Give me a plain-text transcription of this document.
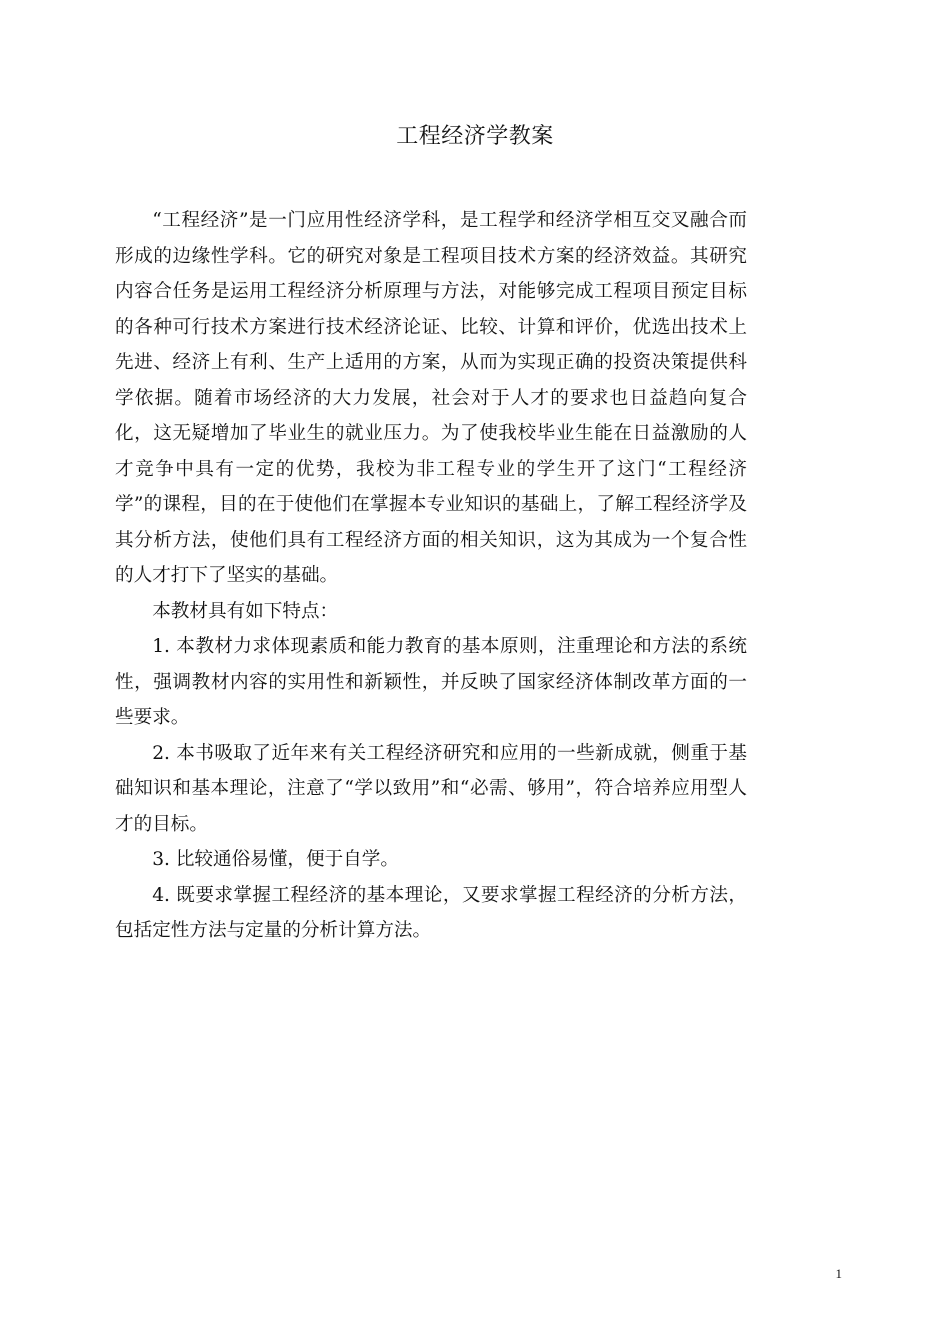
工程经济学教案

“工程经济”是一门应用性经济学科，是工程学和经济学相互交叉融合而形成的边缘性学科。它的研究对象是工程项目技术方案的经济效益。其研究内容合任务是运用工程经济分析原理与方法，对能够完成工程项目预定目标的各种可行技术方案进行技术经济论证、比较、计算和评价，优选出技术上先进、经济上有利、生产上适用的方案，从而为实现正确的投资决策提供科学依据。随着市场经济的大力发展，社会对于人才的要求也日益趋向复合化，这无疑增加了毕业生的就业压力。为了使我校毕业生能在日益激励的人才竞争中具有一定的优势，我校为非工程专业的学生开了这门“工程经济学”的课程，目的在于使他们在掌握本专业知识的基础上，了解工程经济学及其分析方法，使他们具有工程经济方面的相关知识，这为其成为一个复合性的人才打下了坚实的基础。

本教材具有如下特点：

1. 本教材力求体现素质和能力教育的基本原则，注重理论和方法的系统性，强调教材内容的实用性和新颖性，并反映了国家经济体制改革方面的一些要求。

2. 本书吸取了近年来有关工程经济研究和应用的一些新成就，侧重于基础知识和基本理论，注意了“学以致用”和“必需、够用”，符合培养应用型人才的目标。

3. 比较通俗易懂，便于自学。

4. 既要求掌握工程经济的基本理论，又要求掌握工程经济的分析方法，包括定性方法与定量的分析计算方法。

1
